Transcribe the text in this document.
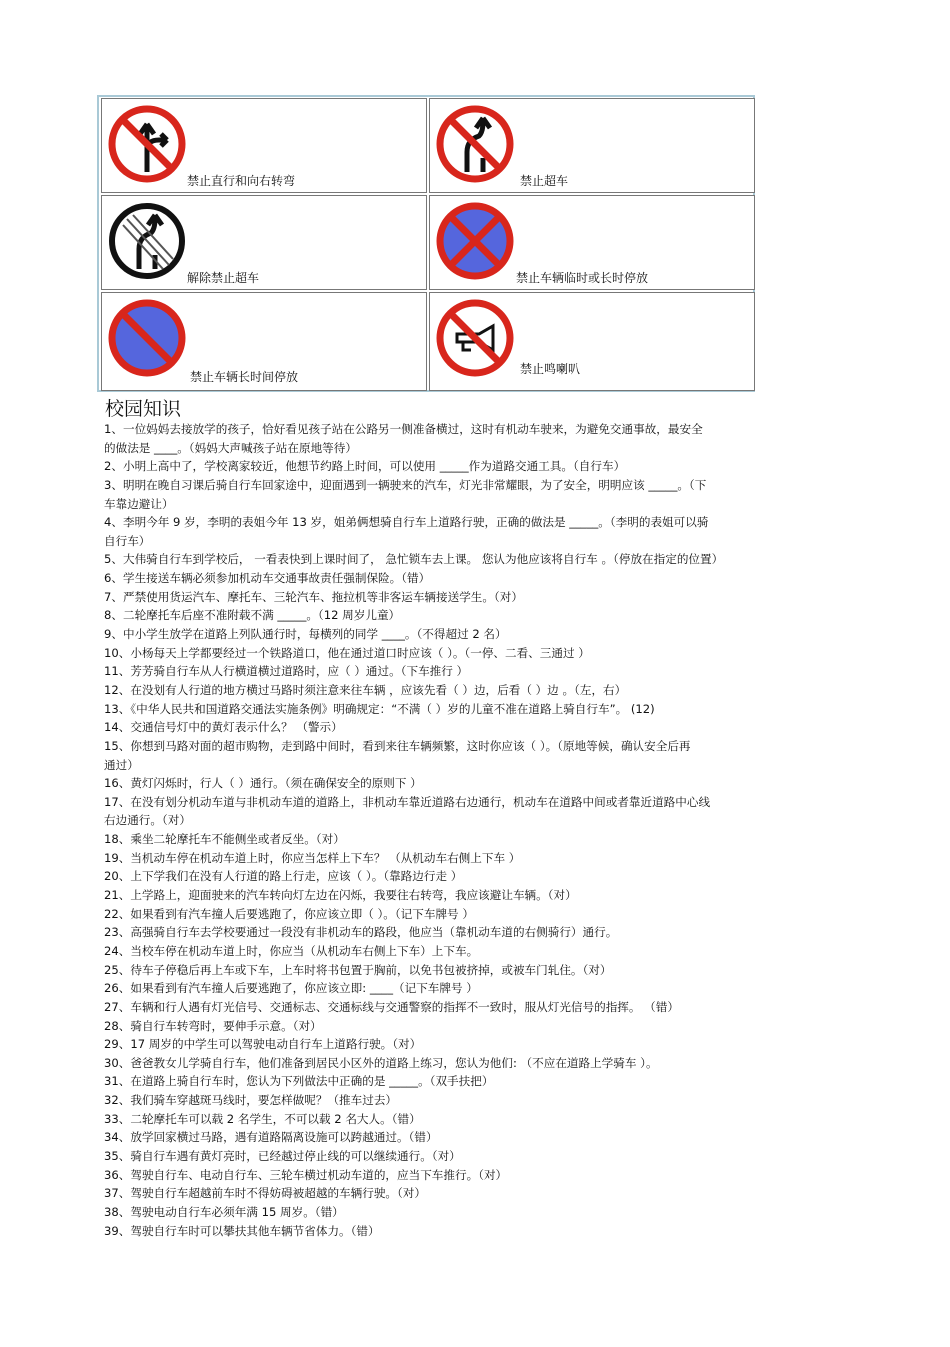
禁止直行和向右转弯	禁止超车
解除禁止超车	禁止车辆临时或长时停放
禁止车辆长时间停放
禁止鸣喇叭
校园知识
1、一位妈妈去接放学的孩子，恰好看见孩子站在公路另一侧准备横过，这时有机动车驶来，为避免交通事故，最安全
的做法是 ____。（妈妈大声喊孩子站在原地等待）
2、小明上高中了，学校离家较近，他想节约路上时间，可以使用 _____作为道路交通工具。（自行车）
3、明明在晚自习课后骑自行车回家途中，迎面遇到一辆驶来的汽车，灯光非常耀眼，为了安全，明明应该 _____。（下
车靠边避让）
4、李明今年 9 岁，李明的表姐今年 13 岁，姐弟俩想骑自行车上道路行驶，正确的做法是 _____。（李明的表姐可以骑
自行车）
5、大伟骑自行车到学校后， 一看表快到上课时间了， 急忙锁车去上课。 您认为他应该将自行车 。（停放在指定的位置）
6、学生接送车辆必须参加机动车交通事故责任强制保险。（错）
7、严禁使用货运汽车、摩托车、三轮汽车、拖拉机等非客运车辆接送学生。（对）
8、二轮摩托车后座不准附载不满 _____。（12 周岁儿童）
9、中小学生放学在道路上列队通行时，每横列的同学 ____。（不得超过 2 名）
10、小杨每天上学都要经过一个铁路道口，他在通过道口时应该（ ）。（一停、二看、三通过 ）
11、芳芳骑自行车从人行横道横过道路时，应（ ）通过。（下车推行 ）
12、在没划有人行道的地方横过马路时须注意来往车辆 ，应该先看（ ）边，后看（ ）边 。（左，右）
13、《中华人民共和国道路交通法实施条例》明确规定：“不满（ ）岁的儿童不准在道路上骑自行车”。 (12)
14、交通信号灯中的黄灯表示什么？ （警示）
15、你想到马路对面的超市购物，走到路中间时，看到来往车辆频繁，这时你应该（ ）。（原地等候，确认安全后再
通过）
16、黄灯闪烁时，行人（ ）通行。（须在确保安全的原则下 ）
17、在没有划分机动车道与非机动车道的道路上，非机动车靠近道路右边通行，机动车在道路中间或者靠近道路中心线
右边通行。（对）
18、乘坐二轮摩托车不能侧坐或者反坐。（对）
19、当机动车停在机动车道上时，你应当怎样上下车？ （从机动车右侧上下车 ）
20、上下学我们在没有人行道的路上行走，应该（ ）。（靠路边行走 ）
21、上学路上，迎面驶来的汽车转向灯左边在闪烁，我要往右转弯，我应该避让车辆。（对）
22、如果看到有汽车撞人后要逃跑了，你应该立即（ ）。（记下车牌号 ）
23、高强骑自行车去学校要通过一段没有非机动车的路段，他应当（靠机动车道的右侧骑行）通行。
24、当校车停在机动车道上时，你应当（从机动车右侧上下车）上下车。
25、待车子停稳后再上车或下车，上车时将书包置于胸前，以免书包被挤掉，或被车门轧住。（对）
26、如果看到有汽车撞人后要逃跑了，你应该立即: ____（记下车牌号 ）
27、车辆和行人遇有灯光信号、交通标志、交通标线与交通警察的指挥不一致时，服从灯光信号的指挥。 （错）
28、骑自行车转弯时，要伸手示意。（对）
29、17 周岁的中学生可以驾驶电动自行车上道路行驶。（对）
30、爸爸教女儿学骑自行车，他们准备到居民小区外的道路上练习，您认为他们: （不应在道路上学骑车 ）。
31、在道路上骑自行车时，您认为下列做法中正确的是 _____。（双手扶把）
32、我们骑车穿越斑马线时，要怎样做呢？（推车过去）
33、二轮摩托车可以载 2 名学生，不可以载 2 名大人。（错）
34、放学回家横过马路，遇有道路隔离设施可以跨越通过。（错）
35、骑自行车遇有黄灯亮时，已经越过停止线的可以继续通行。（对）
36、驾驶自行车、电动自行车、三轮车横过机动车道的，应当下车推行。（对）
37、驾驶自行车超越前车时不得妨碍被超越的车辆行驶。（对）
38、驾驶电动自行车必须年满 15 周岁。（错）
39、驾驶自行车时可以攀扶其他车辆节省体力。（错）
